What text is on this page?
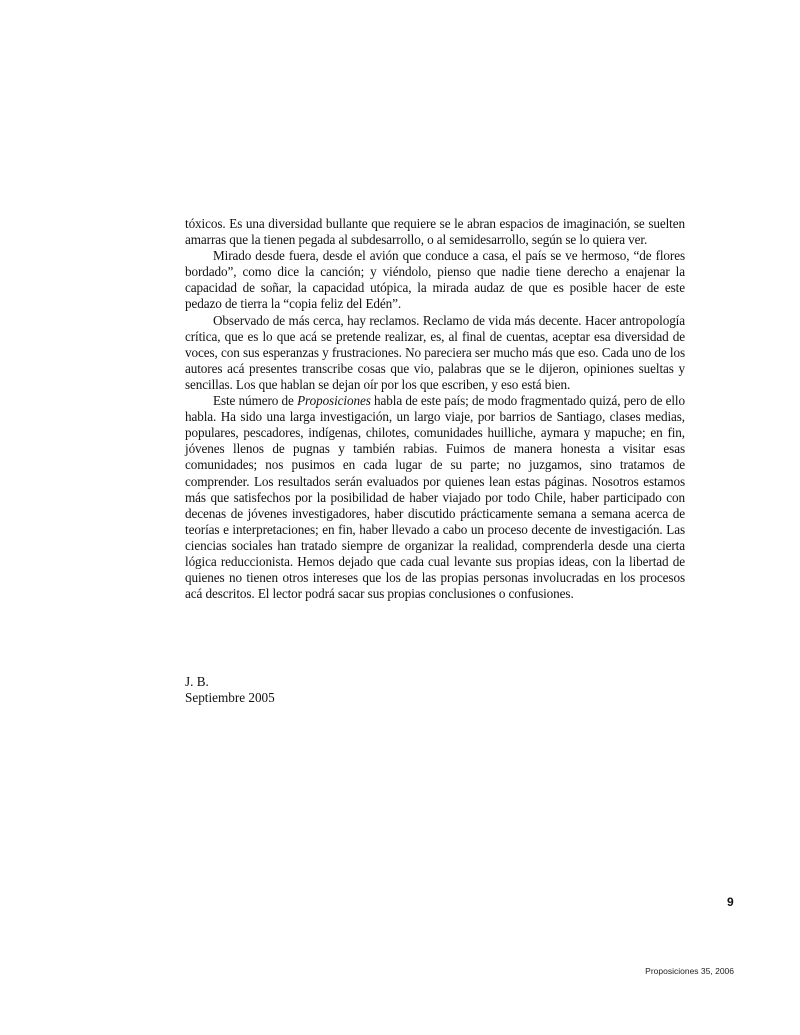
tóxicos. Es una diversidad bullante que requiere se le abran espacios de imaginación, se suelten amarras que la tienen pegada al subdesarrollo, o al semidesarrollo, según se lo quiera ver.

Mirado desde fuera, desde el avión que conduce a casa, el país se ve hermoso, “de flores bordado”, como dice la canción; y viéndolo, pienso que nadie tiene derecho a enajenar la capacidad de soñar, la capacidad utópica, la mirada audaz de que es posible hacer de este pedazo de tierra la “copia feliz del Edén”.

Observado de más cerca, hay reclamos. Reclamo de vida más decente. Hacer antropología crítica, que es lo que acá se pretende realizar, es, al final de cuentas, aceptar esa diversidad de voces, con sus esperanzas y frustraciones. No pareciera ser mucho más que eso. Cada uno de los autores acá presentes transcribe cosas que vio, palabras que se le dijeron, opiniones sueltas y sencillas. Los que hablan se dejan oír por los que escriben, y eso está bien.

Este número de Proposiciones habla de este país; de modo fragmentado quizá, pero de ello habla. Ha sido una larga investigación, un largo viaje, por barrios de Santiago, clases medias, populares, pescadores, indígenas, chilotes, comunidades huilliche, aymara y mapuche; en fin, jóvenes llenos de pugnas y también rabias. Fuimos de manera honesta a visitar esas comunidades; nos pusimos en cada lugar de su parte; no juzgamos, sino tratamos de comprender. Los resultados serán evaluados por quienes lean estas páginas. Nosotros estamos más que satisfechos por la posibilidad de haber viajado por todo Chile, haber participado con decenas de jóvenes investigadores, haber discutido prácticamente semana a semana acerca de teorías e interpretaciones; en fin, haber llevado a cabo un proceso decente de investigación. Las ciencias sociales han tratado siempre de organizar la realidad, comprenderla desde una cierta lógica reduccionista. Hemos dejado que cada cual levante sus propias ideas, con la libertad de quienes no tienen otros intereses que los de las propias personas involucradas en los procesos acá descritos. El lector podrá sacar sus propias conclusiones o confusiones.

J. B.
Septiembre 2005
9
Proposiciones 35, 2006
